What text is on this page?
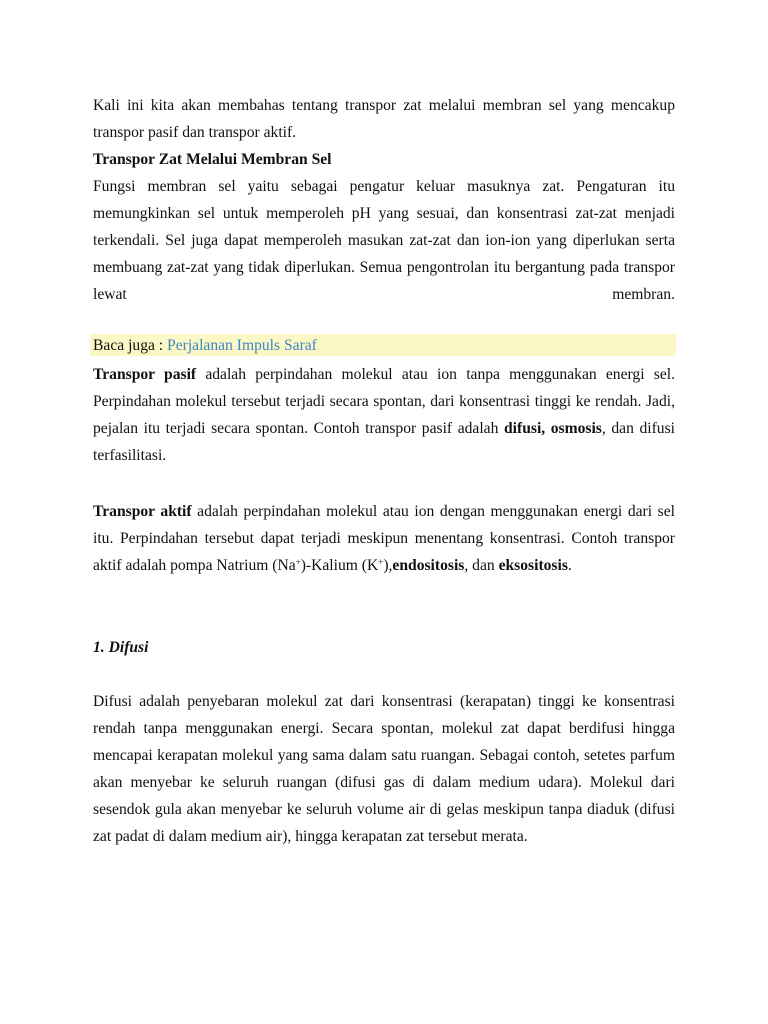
Kali ini kita akan membahas tentang transpor zat melalui membran sel yang mencakup transpor pasif dan transpor aktif.

Transpor Zat Melalui Membran Sel

Fungsi membran sel yaitu sebagai pengatur keluar masuknya zat. Pengaturan itu memungkinkan sel untuk memperoleh pH yang sesuai, dan konsentrasi zat-zat menjadi terkendali. Sel juga dapat memperoleh masukan zat-zat dan ion-ion yang diperlukan serta membuang zat-zat yang tidak diperlukan. Semua pengontrolan itu bergantung pada transpor lewat membran.

Baca juga : Perjalanan Impuls Saraf

Transpor pasif adalah perpindahan molekul atau ion tanpa menggunakan energi sel. Perpindahan molekul tersebut terjadi secara spontan, dari konsentrasi tinggi ke rendah. Jadi, pejalan itu terjadi secara spontan. Contoh transpor pasif adalah difusi, osmosis, dan difusi terfasilitasi.

Transpor aktif adalah perpindahan molekul atau ion dengan menggunakan energi dari sel itu. Perpindahan tersebut dapat terjadi meskipun menentang konsentrasi. Contoh transpor aktif adalah pompa Natrium (Na+)-Kalium (K+),endositosis, dan eksositosis.

1. Difusi

Difusi adalah penyebaran molekul zat dari konsentrasi (kerapatan) tinggi ke konsentrasi rendah tanpa menggunakan energi. Secara spontan, molekul zat dapat berdifusi hingga mencapai kerapatan molekul yang sama dalam satu ruangan. Sebagai contoh, setetes parfum akan menyebar ke seluruh ruangan (difusi gas di dalam medium udara). Molekul dari sesendok gula akan menyebar ke seluruh volume air di gelas meskipun tanpa diaduk (difusi zat padat di dalam medium air), hingga kerapatan zat tersebut merata.
